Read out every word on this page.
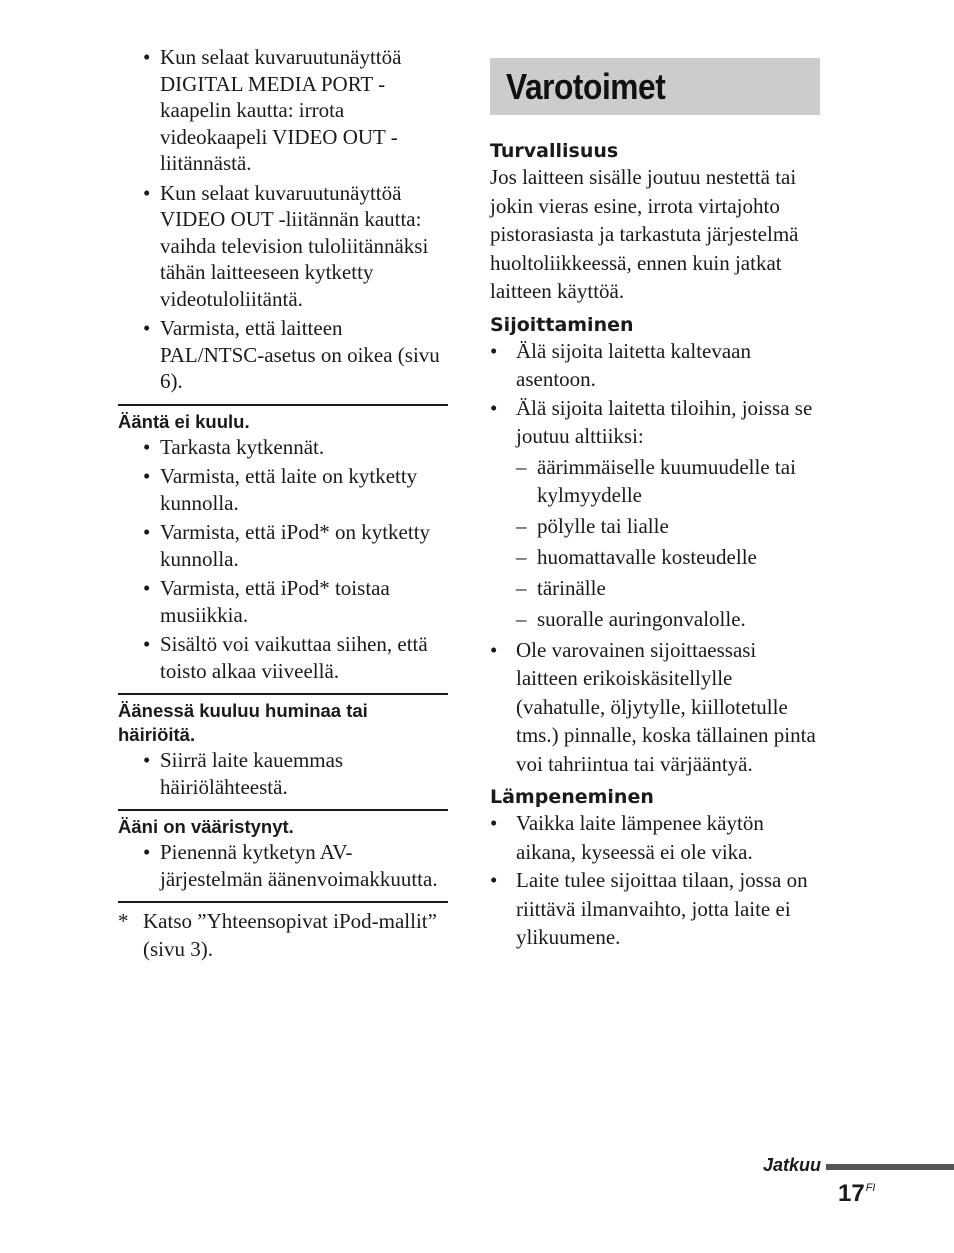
• Kun selaat kuvaruutunäyttöä DIGITAL MEDIA PORT -kaapelin kautta: irrota videokaapeli VIDEO OUT -liitännästä.
• Kun selaat kuvaruutunäyttöä VIDEO OUT -liitännän kautta: vaihda television tuloliitännäksi tähän laitteeseen kytketty videotuloliitäntä.
• Varmista, että laitteen PAL/NTSC-asetus on oikea (sivu 6).
Ääntä ei kuulu.
• Tarkasta kytkennät.
• Varmista, että laite on kytketty kunnolla.
• Varmista, että iPod* on kytketty kunnolla.
• Varmista, että iPod* toistaa musiikkia.
• Sisältö voi vaikuttaa siihen, että toisto alkaa viiveellä.
Äänessä kuuluu huminaa tai häiriöitä.
• Siirrä laite kauemmas häiriölähteestä.
Ääni on vääristynyt.
• Pienennä kytketyn AV-järjestelmän äänenvoimakkuutta.
* Katso ”Yhteensopivat iPod-mallit” (sivu 3).
Varotoimet
Turvallisuus

Jos laitteen sisälle joutuu nestettä tai jokin vieras esine, irrota virtajohto pistorasiasta ja tarkastuta järjestelmä huoltoliikkeessä, ennen kuin jatkat laitteen käyttöä.

Sijoittaminen
• Älä sijoita laitetta kaltevaan asentoon.
• Älä sijoita laitetta tiloihin, joissa se joutuu alttiiksi:
– äärimmäiselle kuumuudelle tai kylmyydelle
– pölylle tai lialle
– huomattavalle kosteudelle
– tärinälle
– suoralle auringonvalolle.
• Ole varovainen sijoittaessasi laitteen erikoiskäsitellylle (vahatulle, öljytylle, kiillotetulle tms.) pinnalle, koska tällainen pinta voi tahriintua tai värjääntyä.
Lämpeneminen
• Vaikka laite lämpenee käytön aikana, kyseessä ei ole vika.
• Laite tulee sijoittaa tilaan, jossa on riittävä ilmanvaihto, jotta laite ei ylikuumene.
Jatkuu
$17^{FI}$
